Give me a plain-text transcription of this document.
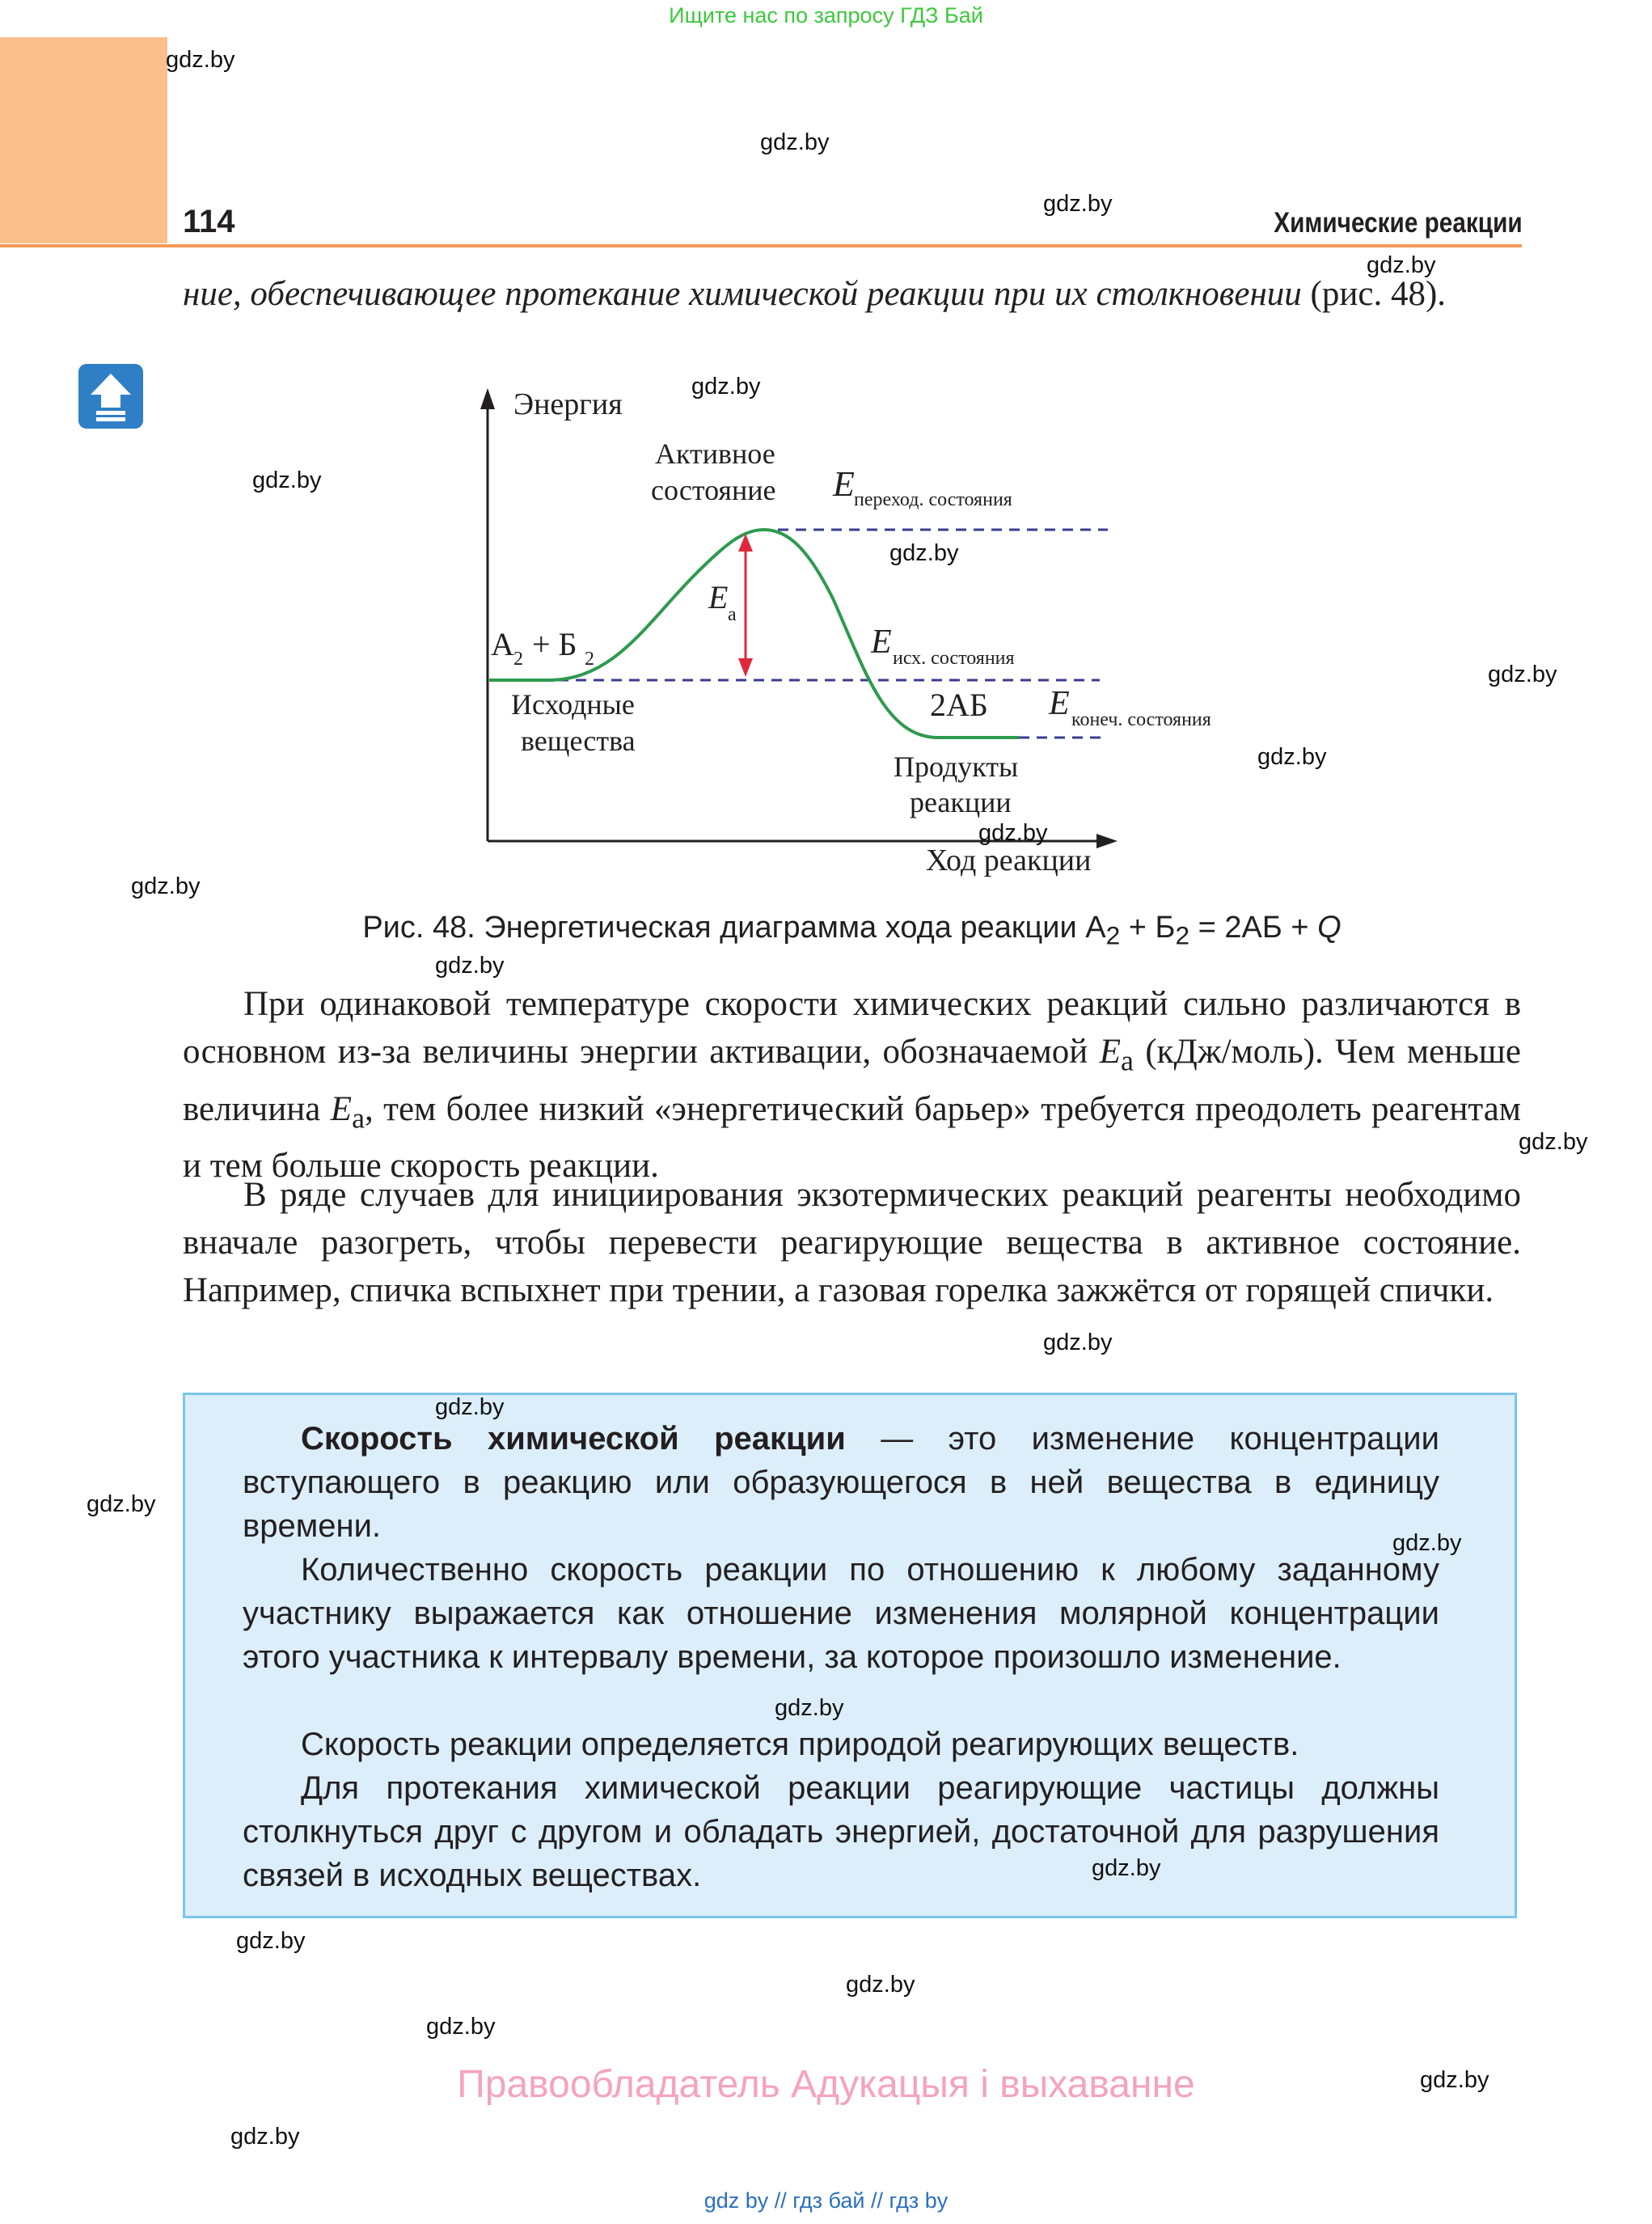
Ищите нас по запросу ГДЗ Бай
114	Химические реакции
ние, обеспечивающее протекание химической реакции при их столкновении (рис. 48).
Энергия
Ход реакции
Активное
состояние E переход. состояния
E а
E исх. состояния
E конеч. состояния
А 2 + Б 2
Исходные
вещества
2АБ
Продукты
реакции
Рис. 48. Энергетическая диаграмма хода реакции $А_2 + Б_2 = 2АБ + Q$
При одинаковой температуре скорости химических реакций сильно различаются в основном из-за величины энергии активации, обозначаемой $E_а$ (кДж/моль). Чем меньше величина $E_а$, тем более низкий «энергетический барьер» требуется преодолеть реагентам и тем больше скорость реакции.
В ряде случаев для инициирования экзотермических реакций реагенты необходимо вначале разогреть, чтобы перевести реагирующие вещества в активное состояние. Например, спичка вспыхнет при трении, а газовая горелка зажжётся от горящей спички.
Скорость химической реакции — это изменение концентрации вступающего в реакцию или образующегося в ней вещества в единицу времени.
Количественно скорость реакции по отношению к любому заданному участнику выражается как отношение изменения молярной концентрации этого участника к интервалу времени, за которое произошло изменение.
Скорость реакции определяется природой реагирующих веществ.
Для протекания химической реакции реагирующие частицы должны столкнуться друг с другом и обладать энергией, достаточной для разрушения связей в исходных веществах.
Правообладатель Адукацыя і выхаванне
gdz.by
gdz.by
gdz.by
gdz.by
gdz.by
gdz.by
gdz.by
gdz.by
gdz.by
gdz.by
gdz.by
gdz.by
gdz.by
gdz.by
gdz.by
gdz.by
gdz.by
gdz.by
gdz.by
gdz.by
gdz.by
gdz.by
gdz.by
gdz.by
gdz by // гдз бай // гдз by
